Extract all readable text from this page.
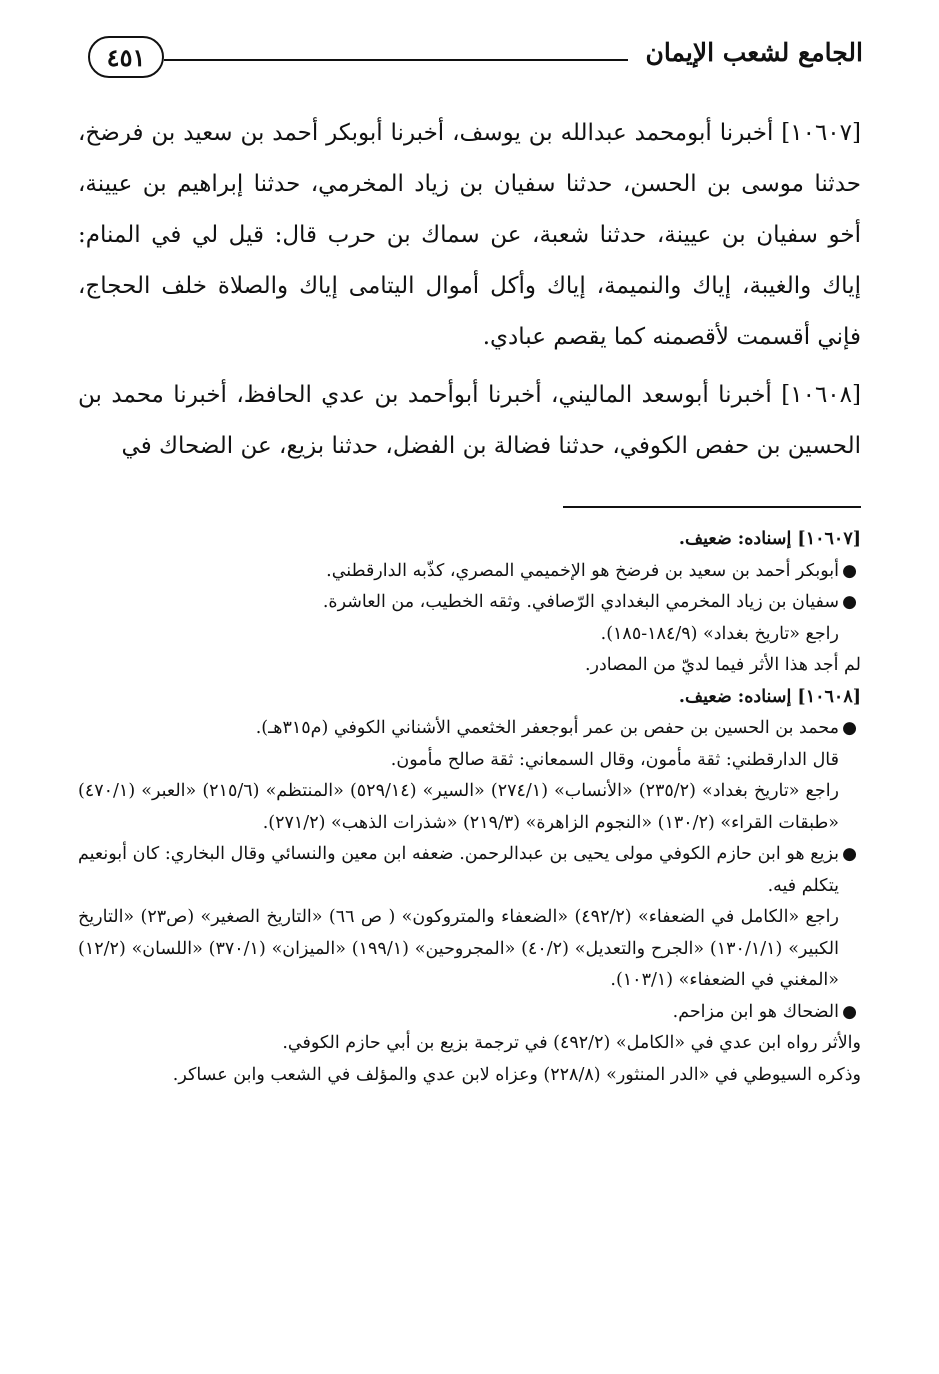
٤٥١	الجامع لشعب الإيمان

[١٠٦٠٧] أخبرنا أبومحمد عبدالله بن يوسف، أخبرنا أبوبكر أحمد بن سعيد بن فرضخ، حدثنا موسى بن الحسن، حدثنا سفيان بن زياد المخرمي، حدثنا إبراهيم بن عيينة، أخو سفيان بن عيينة، حدثنا شعبة، عن سماك بن حرب قال: قيل لي في المنام: إياك والغيبة، إياك والنميمة، إياك وأكل أموال اليتامى إياك والصلاة خلف الحجاج، فإني أقسمت لأقصمنه كما يقصم عبادي.

[١٠٦٠٨] أخبرنا أبوسعد الماليني، أخبرنا أبوأحمد بن عدي الحافظ، أخبرنا محمد بن الحسين بن حفص الكوفي، حدثنا فضالة بن الفضل، حدثنا بزيع، عن الضحاك في

[١٠٦٠٧] إسناده: ضعيف.

●
أبوبكر أحمد بن سعيد بن فرضخ هو الإخميمي المصري، كذّبه الدارقطني.

●
سفيان بن زياد المخرمي البغدادي الرّصافي. وثقه الخطيب، من العاشرة.

راجع «تاريخ بغداد» (١٨٤/٩-١٨٥).

لم أجد هذا الأثر فيما لديّ من المصادر.

[١٠٦٠٨] إسناده: ضعيف.

●
محمد بن الحسين بن حفص بن عمر أبوجعفر الخثعمي الأشناني الكوفي (م٣١٥هـ).

قال الدارقطني: ثقة مأمون، وقال السمعاني: ثقة صالح مأمون.

راجع «تاريخ بغداد» (٢٣٥/٢) «الأنساب» (٢٧٤/١) «السير» (٥٢٩/١٤) «المنتظم» (٢١٥/٦) «العبر» (٤٧٠/١) «طبقات القراء» (١٣٠/٢) «النجوم الزاهرة» (٢١٩/٣) «شذرات الذهب» (٢٧١/٢).

●
بزيع هو ابن حازم الكوفي مولى يحيى بن عبدالرحمن. ضعفه ابن معين والنسائي وقال البخاري: كان أبونعيم يتكلم فيه.

راجع «الكامل في الضعفاء» (٤٩٢/٢) «الضعفاء والمتروكون» ( ص ٦٦) «التاريخ الصغير» (ص٢٣) «التاريخ الكبير» (١٣٠/١/١) «الجرح والتعديل» (٤٠/٢) «المجروحين» (١٩٩/١) «الميزان» (٣٧٠/١) «اللسان» (١٢/٢) «المغني في الضعفاء» (١٠٣/١).

●
الضحاك هو ابن مزاحم.

والأثر رواه ابن عدي في «الكامل» (٤٩٢/٢) في ترجمة بزيع بن أبي حازم الكوفي.

وذكره السيوطي في «الدر المنثور» (٢٢٨/٨) وعزاه لابن عدي والمؤلف في الشعب وابن عساكر.
